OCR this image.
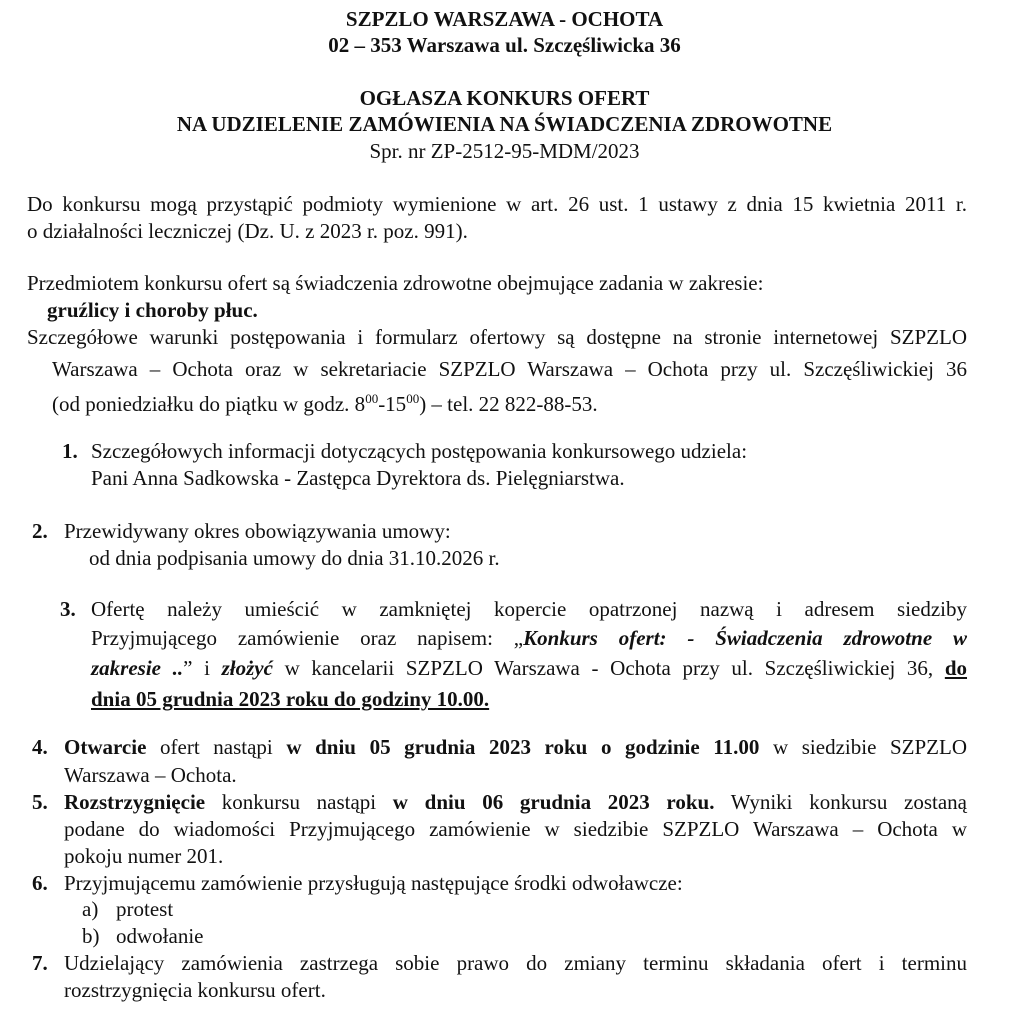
SZPZLO WARSZAWA - OCHOTA
02 – 353 Warszawa ul. Szczęśliwicka 36
OGŁASZA KONKURS OFERT
NA UDZIELENIE ZAMÓWIENIA NA ŚWIADCZENIA ZDROWOTNE
Spr. nr ZP-2512-95-MDM/2023
Do konkursu mogą przystąpić podmioty wymienione w art. 26 ust. 1 ustawy z dnia 15 kwietnia 2011 r.
o działalności leczniczej (Dz. U. z 2023 r. poz. 991).
Przedmiotem konkursu ofert są świadczenia zdrowotne obejmujące zadania w zakresie:
gruźlicy i choroby płuc.
Szczegółowe warunki postępowania i formularz ofertowy są dostępne na stronie internetowej SZPZLO
Warszawa – Ochota oraz w sekretariacie SZPZLO Warszawa – Ochota przy ul. Szczęśliwickiej 36
(od poniedziałku do piątku w godz. $8^{00}-15^{00}$) – tel. 22 822-88-53.
1. Szczegółowych informacji dotyczących postępowania konkursowego udziela:
Pani Anna Sadkowska - Zastępca Dyrektora ds. Pielęgniarstwa.
2. Przewidywany okres obowiązywania umowy:
od dnia podpisania umowy do dnia 31.10.2026 r.
3. Ofertę należy umieścić w zamkniętej kopercie opatrzonej nazwą i adresem siedziby
Przyjmującego zamówienie oraz napisem: „Konkurs ofert: - Świadczenia zdrowotne w
zakresie ..” i złożyć w kancelarii SZPZLO Warszawa - Ochota przy ul. Szczęśliwickiej 36, do
dnia 05 grudnia 2023 roku do godziny 10.00.
4. Otwarcie ofert nastąpi w dniu 05 grudnia 2023 roku o godzinie 11.00 w siedzibie SZPZLO
Warszawa – Ochota.
5. Rozstrzygnięcie konkursu nastąpi w dniu 06 grudnia 2023 roku. Wyniki konkursu zostaną
podane do wiadomości Przyjmującego zamówienie w siedzibie SZPZLO Warszawa – Ochota w
pokoju numer 201.
6. Przyjmującemu zamówienie przysługują następujące środki odwoławcze:
a) protest
b) odwołanie
7. Udzielający zamówienia zastrzega sobie prawo do zmiany terminu składania ofert i terminu
rozstrzygnięcia konkursu ofert.
